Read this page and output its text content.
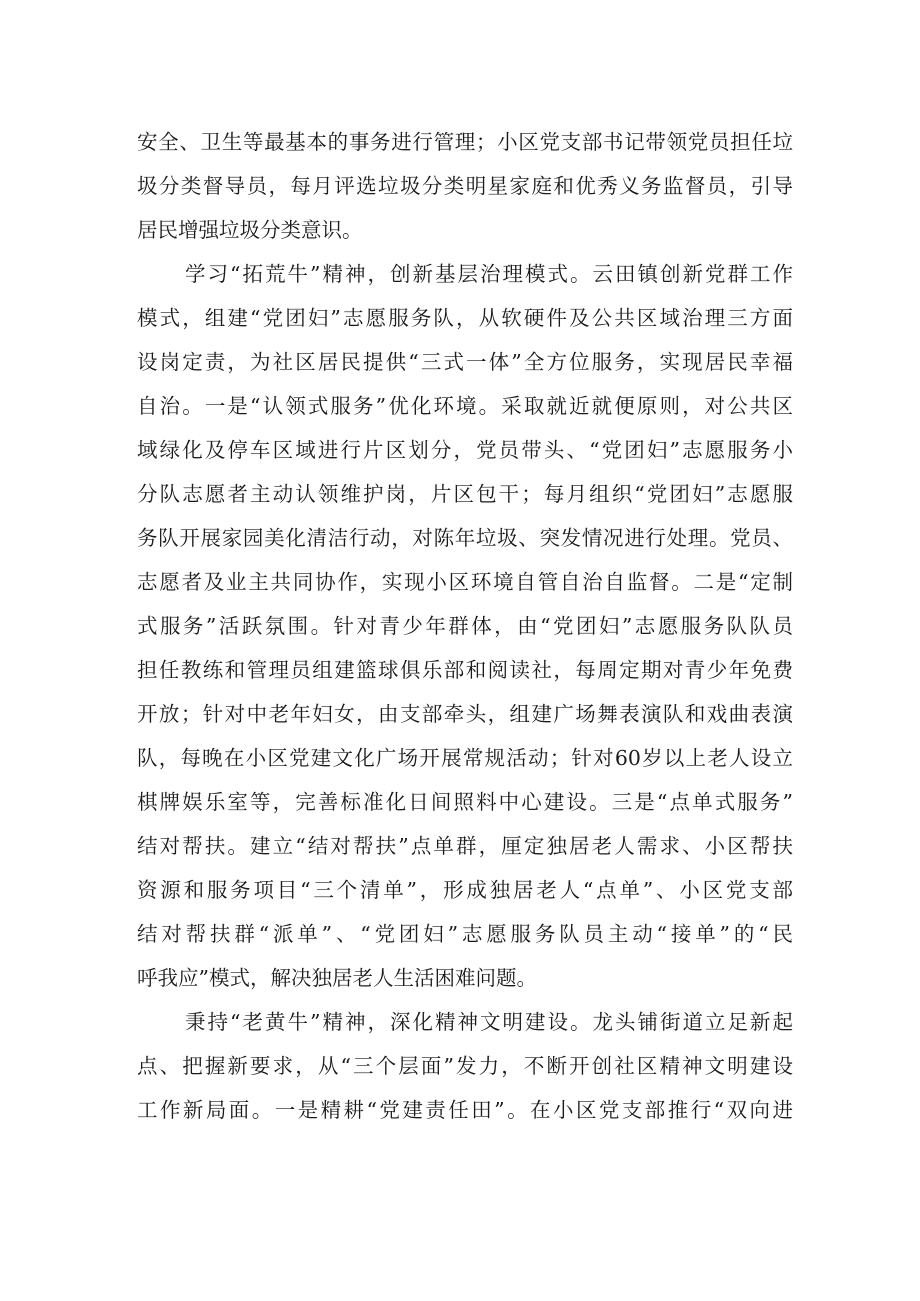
安全、卫生等最基本的事务进行管理；小区党支部书记带领党员担任垃
圾分类督导员，每月评选垃圾分类明星家庭和优秀义务监督员，引导
居民增强垃圾分类意识。
学习“拓荒牛”精神，创新基层治理模式。云田镇创新党群工作
模式，组建“党团妇”志愿服务队，从软硬件及公共区域治理三方面
设岗定责，为社区居民提供“三式一体”全方位服务，实现居民幸福
自治。一是“认领式服务”优化环境。采取就近就便原则，对公共区
域绿化及停车区域进行片区划分，党员带头、“党团妇”志愿服务小
分队志愿者主动认领维护岗，片区包干；每月组织“党团妇”志愿服
务队开展家园美化清洁行动，对陈年垃圾、突发情况进行处理。党员、
志愿者及业主共同协作，实现小区环境自管自治自监督。二是“定制
式服务”活跃氛围。针对青少年群体，由“党团妇”志愿服务队队员
担任教练和管理员组建篮球俱乐部和阅读社，每周定期对青少年免费
开放；针对中老年妇女，由支部牵头，组建广场舞表演队和戏曲表演
队，每晚在小区党建文化广场开展常规活动；针对60岁以上老人设立
棋牌娱乐室等，完善标准化日间照料中心建设。三是“点单式服务”
结对帮扶。建立“结对帮扶”点单群，厘定独居老人需求、小区帮扶
资源和服务项目“三个清单”，形成独居老人“点单”、小区党支部
结对帮扶群“派单”、“党团妇”志愿服务队员主动“接单”的“民
呼我应”模式，解决独居老人生活困难问题。
秉持“老黄牛”精神，深化精神文明建设。龙头铺街道立足新起
点、把握新要求，从“三个层面”发力，不断开创社区精神文明建设
工作新局面。一是精耕“党建责任田”。在小区党支部推行“双向进
